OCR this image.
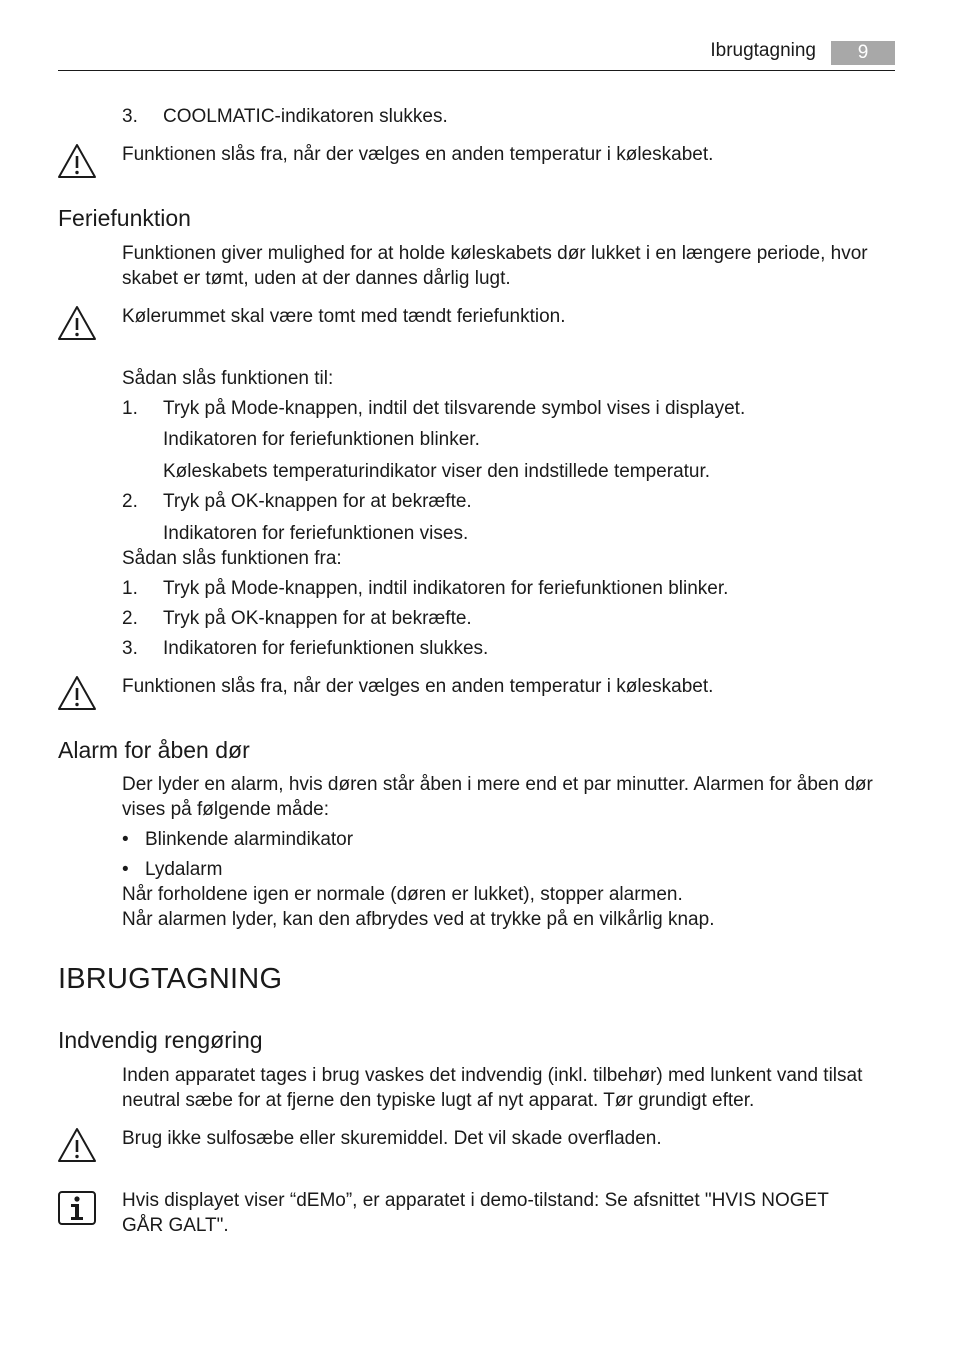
Ibrugtagning	9
3. COOLMATIC-indikatoren slukkes.
Funktionen slås fra, når der vælges en anden temperatur i køleskabet.
Feriefunktion
Funktionen giver mulighed for at holde køleskabets dør lukket i en længere periode, hvor skabet er tømt, uden at der dannes dårlig lugt.
Kølerummet skal være tomt med tændt feriefunktion.
Sådan slås funktionen til:
1. Tryk på Mode-knappen, indtil det tilsvarende symbol vises i displayet.
Indikatoren for feriefunktionen blinker.
Køleskabets temperaturindikator viser den indstillede temperatur.
2. Tryk på OK-knappen for at bekræfte.
Indikatoren for feriefunktionen vises.
Sådan slås funktionen fra:
1. Tryk på Mode-knappen, indtil indikatoren for feriefunktionen blinker.
2. Tryk på OK-knappen for at bekræfte.
3. Indikatoren for feriefunktionen slukkes.
Funktionen slås fra, når der vælges en anden temperatur i køleskabet.
Alarm for åben dør
Der lyder en alarm, hvis døren står åben i mere end et par minutter. Alarmen for åben dør vises på følgende måde:
• Blinkende alarmindikator
• Lydalarm
Når forholdene igen er normale (døren er lukket), stopper alarmen.
Når alarmen lyder, kan den afbrydes ved at trykke på en vilkårlig knap.
IBRUGTAGNING
Indvendig rengøring
Inden apparatet tages i brug vaskes det indvendig (inkl. tilbehør) med lunkent vand tilsat neutral sæbe for at fjerne den typiske lugt af nyt apparat. Tør grundigt efter.
Brug ikke sulfosæbe eller skuremiddel. Det vil skade overfladen.
Hvis displayet viser “dEMo”, er apparatet i demo-tilstand: Se afsnittet "HVIS NOGET GÅR GALT".
